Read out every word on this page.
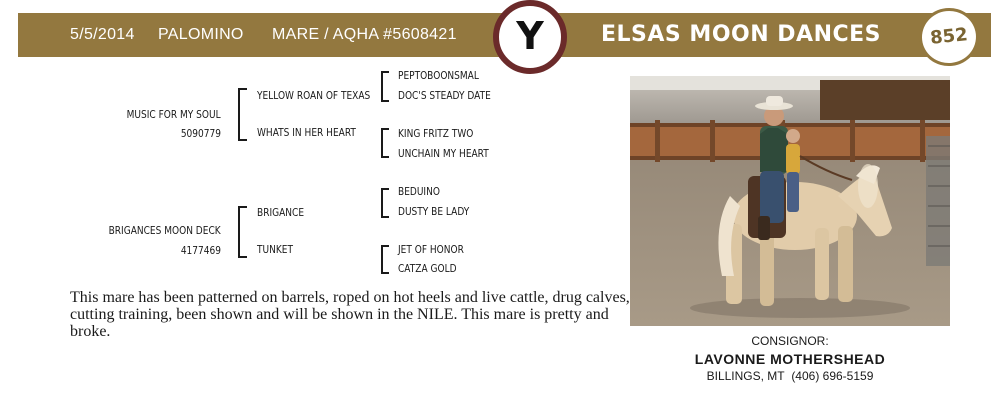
5/5/2014 PALOMINO MARE / AQHA #5608421	Y	ELSAS MOON DANCES	852
MUSIC FOR MY SOUL
5090779
YELLOW ROAN OF TEXAS
WHATS IN HER HEART
PEPTOBOONSMAL
DOC'S STEADY DATE
KING FRITZ TWO
UNCHAIN MY HEART
BRIGANCES MOON DECK
4177469
BRIGANCE
TUNKET
BEDUINO
DUSTY BE LADY
JET OF HONOR
CATZA GOLD
This mare has been patterned on barrels, roped on hot heels and live cattle, drug calves, cutting training, been shown and will be shown in the NILE. This mare is pretty and broke.
CONSIGNOR:
LAVONNE MOTHERSHEAD
BILLINGS, MT (406) 696-5159
